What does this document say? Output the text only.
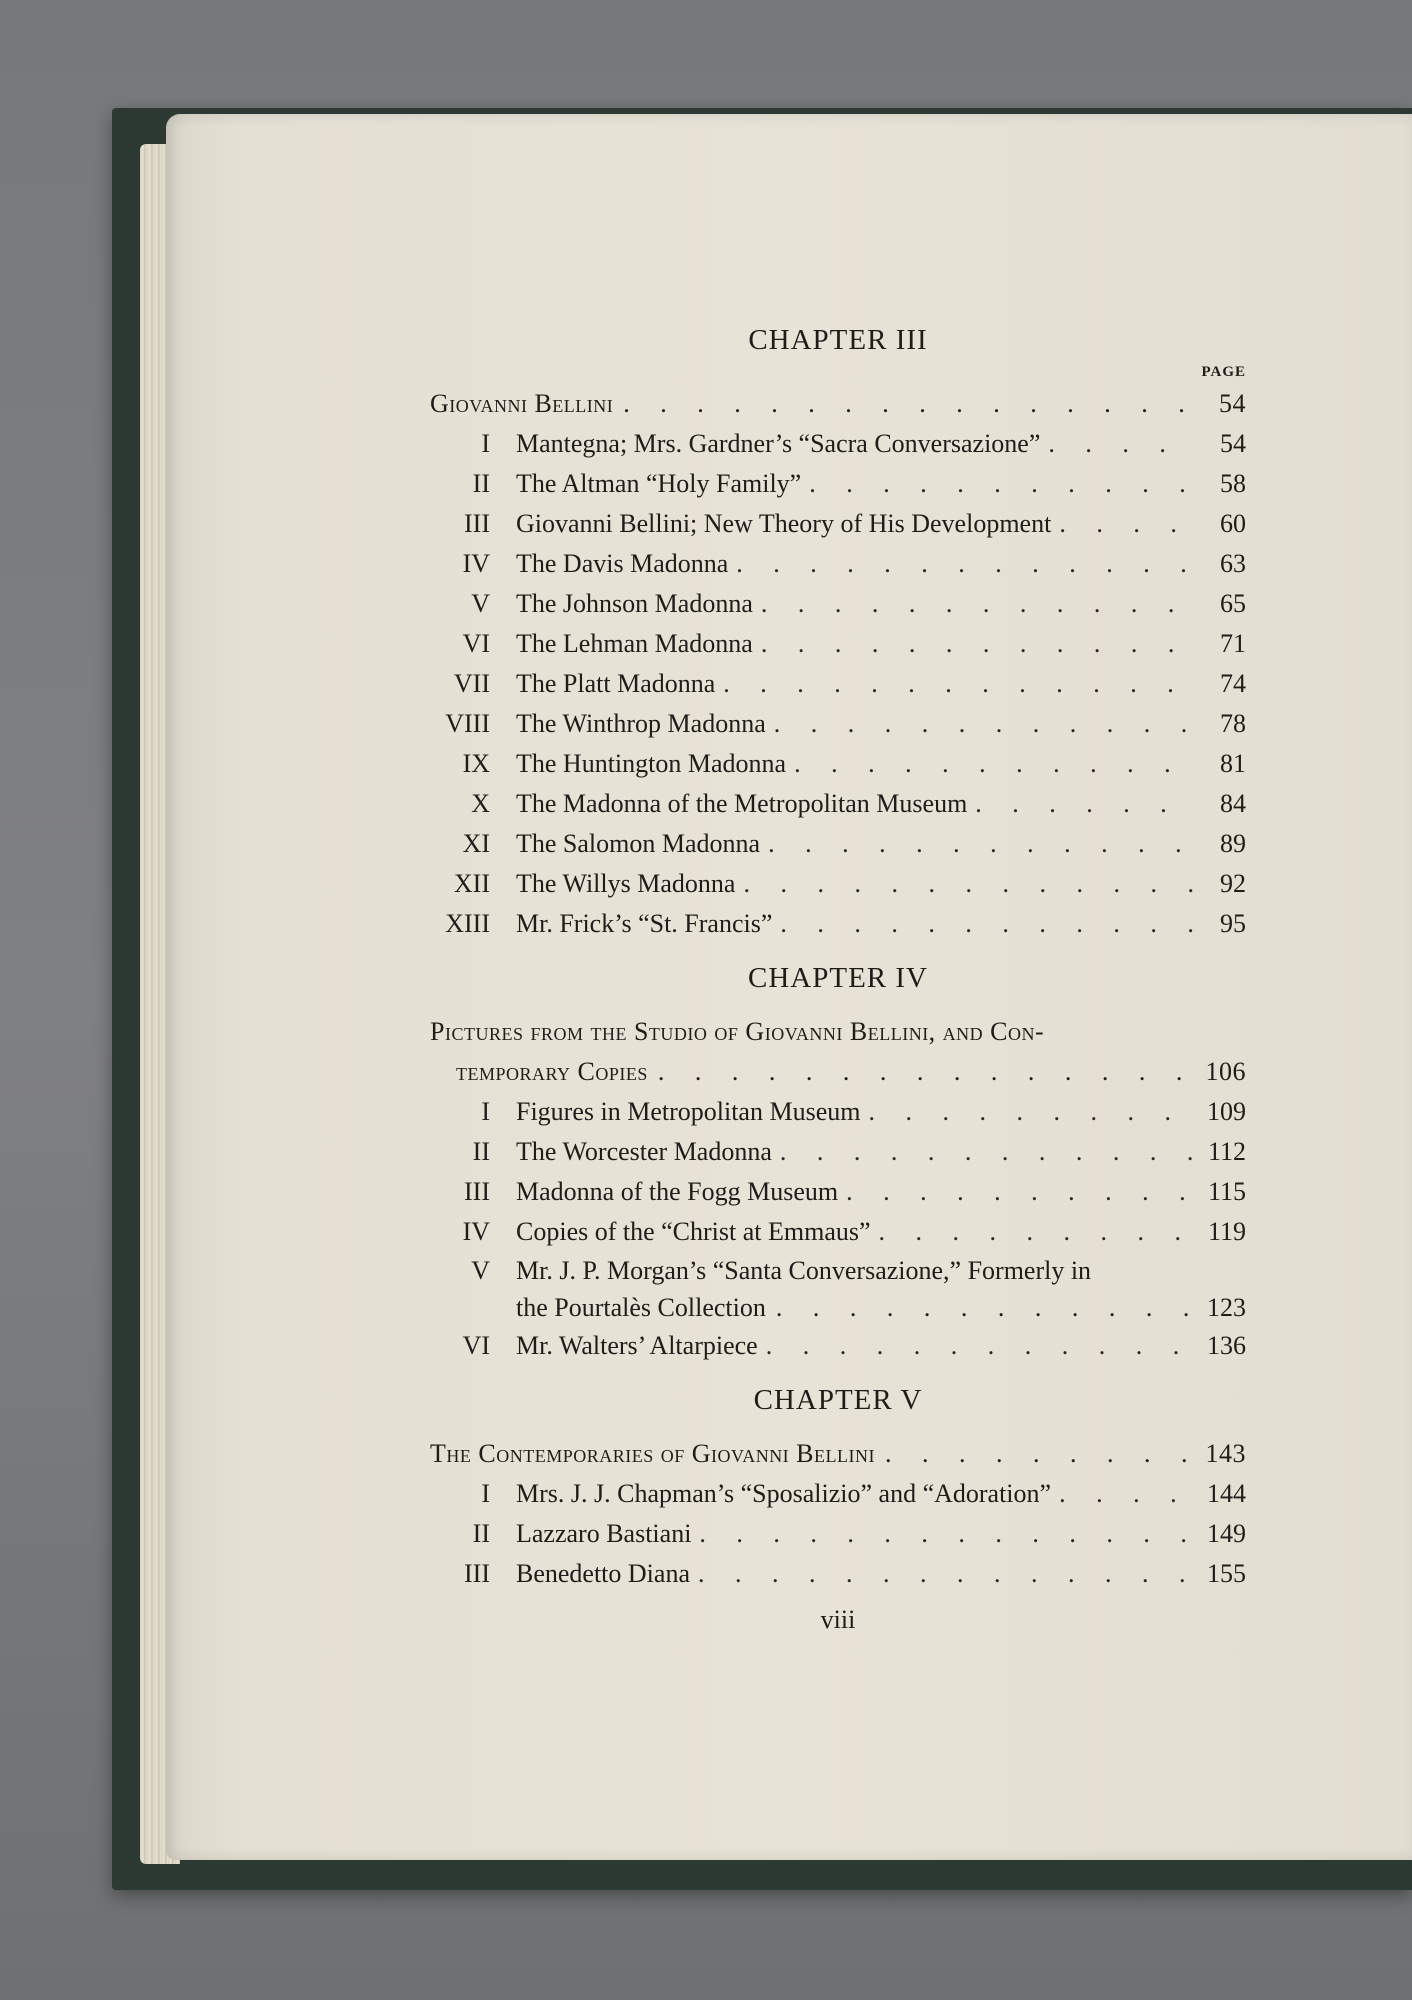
CHAPTER III
PAGE
Giovanni Bellini . . .	54
I	Mantegna; Mrs. Gardner’s “Sacra Conversazione” . . .	54
II	The Altman “Holy Family” . . .	58
III	Giovanni Bellini; New Theory of His Development . . .	60
IV	The Davis Madonna . . .	63
V	The Johnson Madonna . . .	65
VI	The Lehman Madonna . . .	71
VII	The Platt Madonna . . .	74
VIII	The Winthrop Madonna . . .	78
IX	The Huntington Madonna . . .	81
X	The Madonna of the Metropolitan Museum . . .	84
XI	The Salomon Madonna . . .	89
XII	The Willys Madonna . . .	92
XIII	Mr. Frick’s “St. Francis” . . .	95
CHAPTER IV
Pictures from the Studio of Giovanni Bellini, and Con-
temporary Copies . . .	106
I	Figures in Metropolitan Museum . . .	109
II	The Worcester Madonna . . .	112
III	Madonna of the Fogg Museum . . .	115
IV	Copies of the “Christ at Emmaus” . . .	119
V	Mr. J. P. Morgan’s “Santa Conversazione,” Formerly in
the Pourtalès Collection . . .	123
VI	Mr. Walters’ Altarpiece . . .	136
CHAPTER V
The Contemporaries of Giovanni Bellini . . .	143
I	Mrs. J. J. Chapman’s “Sposalizio” and “Adoration” . . .	144
II	Lazzaro Bastiani . . .	149
III	Benedetto Diana . . .	155
viii
